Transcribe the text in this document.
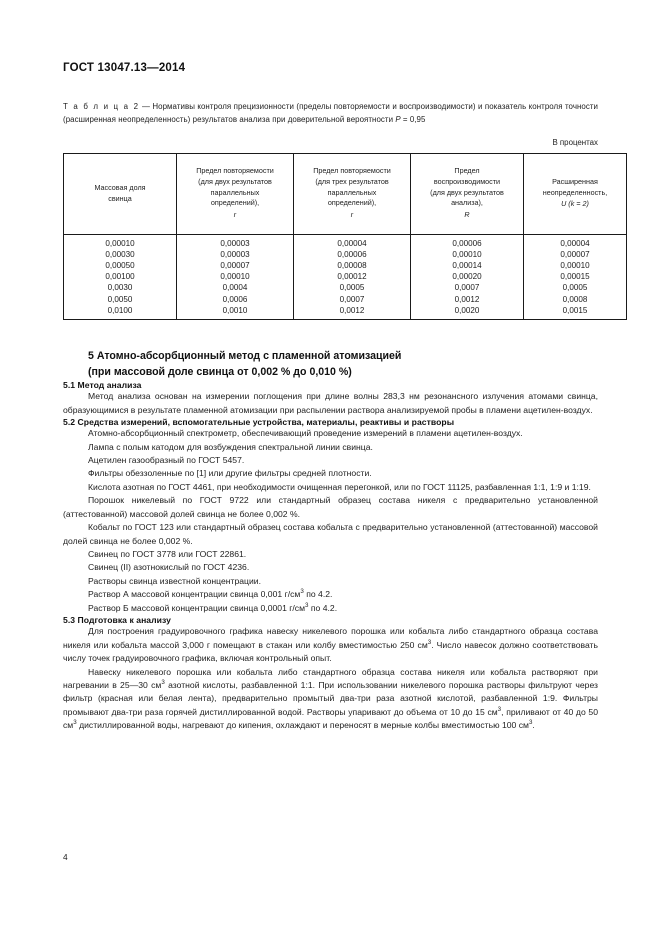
ГОСТ 13047.13—2014
Т а б л и ц а 2 — Нормативы контроля прецизионности (пределы повторяемости и воспроизводимости) и показатель контроля точности (расширенная неопределенность) результатов анализа при доверительной вероятности P = 0,95
В процентах
Массовая доля
свинца	Предел повторяемости
(для двух результатов
параллельных
определений),
r	Предел повторяемости
(для трех результатов
параллельных
определений),
r	Предел
воспроизводимости
(для двух результатов
анализа),
R	Расширенная
неопределенность,
U (k = 2)

0,00010	0,00003	0,00004	0,00006	0,00004
0,00030	0,00003	0,00006	0,00010	0,00007
0,00050	0,00007	0,00008	0,00014	0,00010
0,00100	0,00010	0,00012	0,00020	0,00015
0,0030	0,0004	0,0005	0,0007	0,0005
0,0050	0,0006	0,0007	0,0012	0,0008
0,0100	0,0010	0,0012	0,0020	0,0015
5 Атомно-абсорбционный метод с пламенной атомизацией
(при массовой доле свинца от 0,002 % до 0,010 %)
5.1 Метод анализа

Метод анализа основан на измерении поглощения при длине волны 283,3 нм резонансного излучения атомами свинца, образующимися в результате пламенной атомизации при распылении раствора анализируемой пробы в пламени ацетилен-воздух.

5.2 Средства измерений, вспомогательные устройства, материалы, реактивы и растворы

Атомно-абсорбционный спектрометр, обеспечивающий проведение измерений в пламени ацетилен-воздух.

Лампа с полым катодом для возбуждения спектральной линии свинца.

Ацетилен газообразный по ГОСТ 5457.

Фильтры обеззоленные по [1] или другие фильтры средней плотности.

Кислота азотная по ГОСТ 4461, при необходимости очищенная перегонкой, или по ГОСТ 11125, разбавленная 1:1, 1:9 и 1:19.

Порошок никелевый по ГОСТ 9722 или стандартный образец состава никеля с предварительно установленной (аттестованной) массовой долей свинца не более 0,002 %.

Кобальт по ГОСТ 123 или стандартный образец состава кобальта с предварительно установленной (аттестованной) массовой долей свинца не более 0,002 %.

Свинец по ГОСТ 3778 или ГОСТ 22861.

Свинец (II) азотнокислый по ГОСТ 4236.

Растворы свинца известной концентрации.

Раствор А массовой концентрации свинца 0,001 $г/см^3$ по 4.2.

Раствор Б массовой концентрации свинца 0,0001 $г/см^3$ по 4.2.

5.3 Подготовка к анализу

Для построения градуировочного графика навеску никелевого порошка или кобальта либо стандартного образца состава никеля или кобальта массой 3,000 г помещают в стакан или колбу вместимостью 250 $см^3$. Число навесок должно соответствовать числу точек градуировочного графика, включая контрольный опыт.

Навеску никелевого порошка или кобальта либо стандартного образца состава никеля или кобальта растворяют при нагревании в 25—30 $см^3$ азотной кислоты, разбавленной 1:1. При использовании никелевого порошка растворы фильтруют через фильтр (красная или белая лента), предварительно промытый два-три раза азотной кислотой, разбавленной 1:9. Фильтры промывают два-три раза горячей дистиллированной водой. Растворы упаривают до объема от 10 до 15 $см^3$, приливают от 40 до 50 $см^3$ дистиллированной воды, нагревают до кипения, охлаждают и переносят в мерные колбы вместимостью 100 $см^3$.

4
